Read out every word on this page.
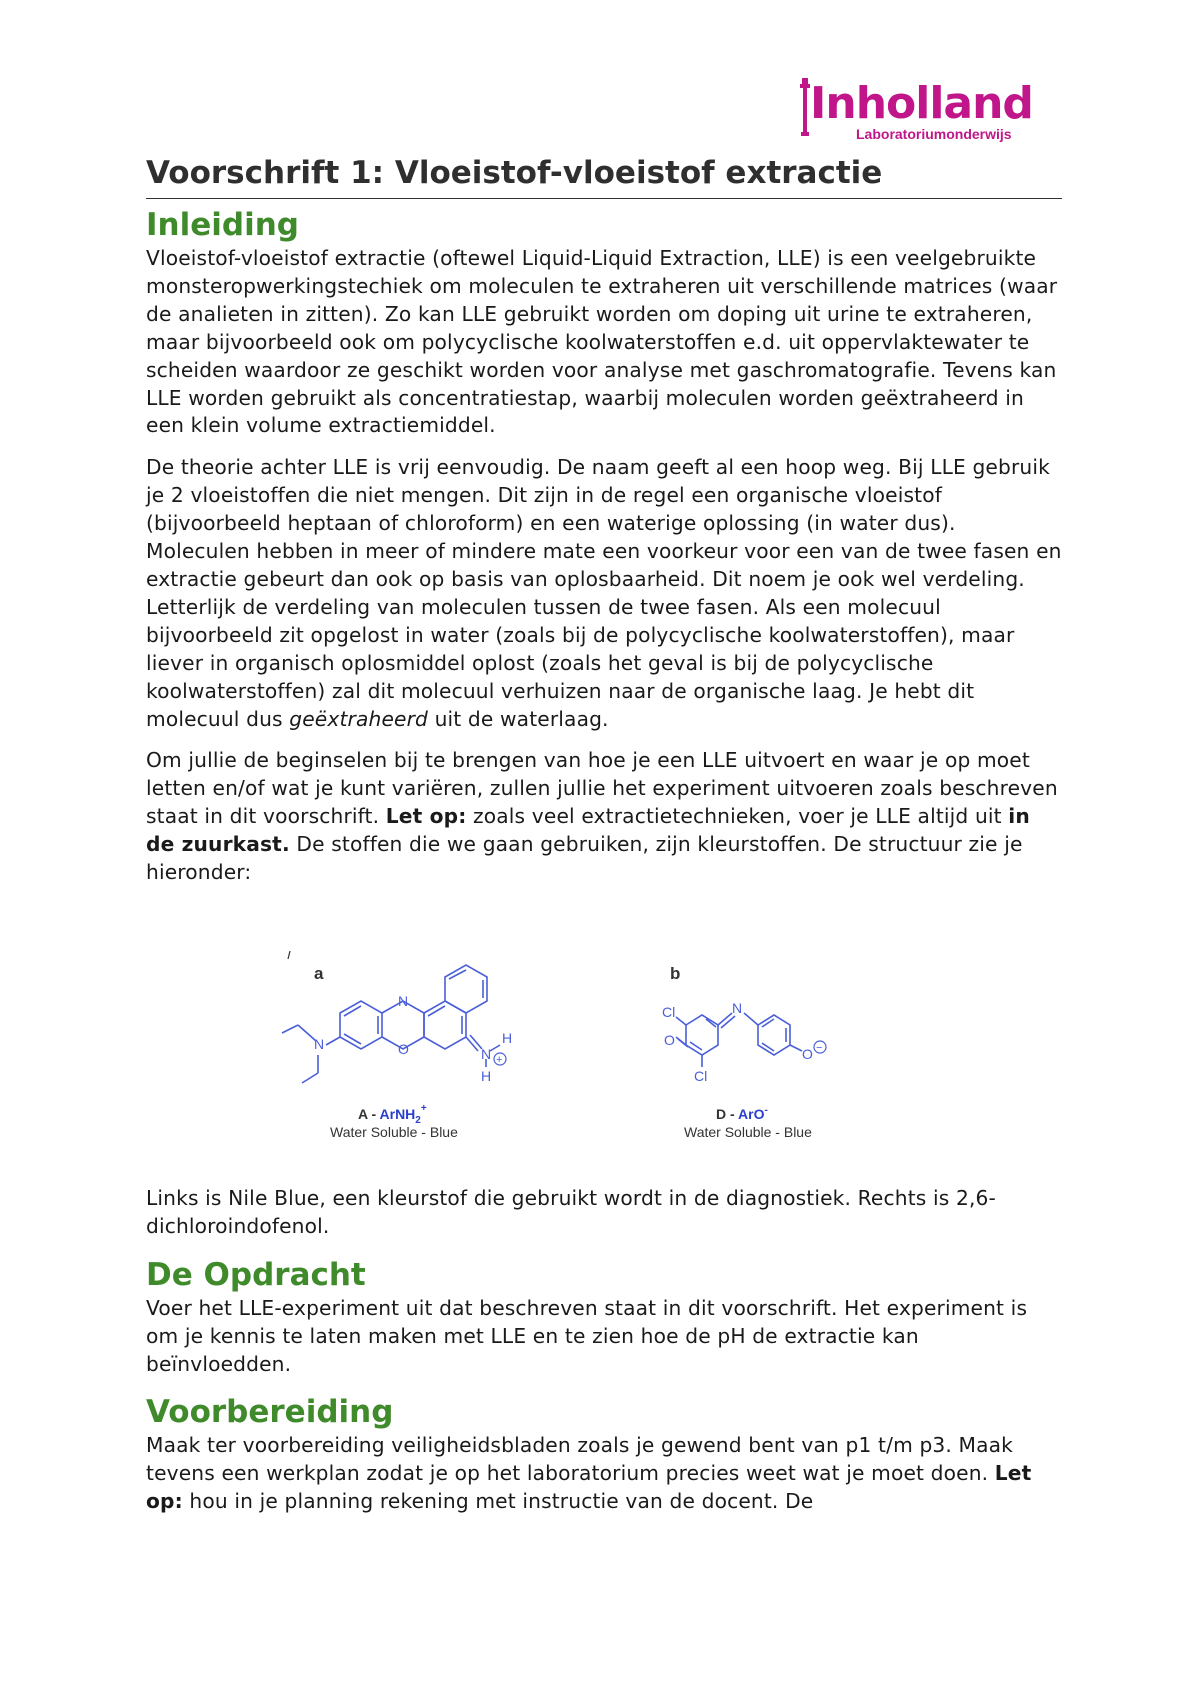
Inholland
Laboratoriumonderwijs
Voorschrift 1: Vloeistof-vloeistof extractie
Inleiding

Vloeistof-vloeistof extractie (oftewel Liquid-Liquid Extraction, LLE) is een veelgebruikte monsteropwerkingstechiek om moleculen te extraheren uit verschillende matrices (waar de analieten in zitten). Zo kan LLE gebruikt worden om doping uit urine te extraheren, maar bijvoorbeeld ook om polycyclische koolwaterstoffen e.d. uit oppervlaktewater te scheiden waardoor ze geschikt worden voor analyse met gaschromatografie. Tevens kan LLE worden gebruikt als concentratiestap, waarbij moleculen worden geëxtraheerd in een klein volume extractiemiddel.

De theorie achter LLE is vrij eenvoudig. De naam geeft al een hoop weg. Bij LLE gebruik je 2 vloeistoffen die niet mengen. Dit zijn in de regel een organische vloeistof (bijvoorbeeld heptaan of chloroform) en een waterige oplossing (in water dus). Moleculen hebben in meer of mindere mate een voorkeur voor een van de twee fasen en extractie gebeurt dan ook op basis van oplosbaarheid. Dit noem je ook wel verdeling. Letterlijk de verdeling van moleculen tussen de twee fasen. Als een molecuul bijvoorbeeld zit opgelost in water (zoals bij de polycyclische koolwaterstoffen), maar liever in organisch oplosmiddel oplost (zoals het geval is bij de polycyclische koolwaterstoffen) zal dit molecuul verhuizen naar de organische laag. Je hebt dit molecuul dus geëxtraheerd uit de waterlaag.

Om jullie de beginselen bij te brengen van hoe je een LLE uitvoert en waar je op moet letten en/of wat je kunt variëren, zullen jullie het experiment uitvoeren zoals beschreven staat in dit voorschrift. Let op: zoals veel extractietechnieken, voer je LLE altijd uit in de zuurkast. De stoffen die we gaan gebruiken, zijn kleurstoffen. De structuur zie je hieronder:

a
N
O
N
N
H
H
+
A - ArNH$_2$+
Water Soluble - Blue
b
Cl
Cl
N
O
O −
D - ArO-
Water Soluble - Blue

Links is Nile Blue, een kleurstof die gebruikt wordt in de diagnostiek. Rechts is 2,6-dichloroindofenol.

De Opdracht

Voer het LLE-experiment uit dat beschreven staat in dit voorschrift. Het experiment is om je kennis te laten maken met LLE en te zien hoe de pH de extractie kan beïnvloedden.

Voorbereiding

Maak ter voorbereiding veiligheidsbladen zoals je gewend bent van p1 t/m p3. Maak tevens een werkplan zodat je op het laboratorium precies weet wat je moet doen. Let op: hou in je planning rekening met instructie van de docent. De
